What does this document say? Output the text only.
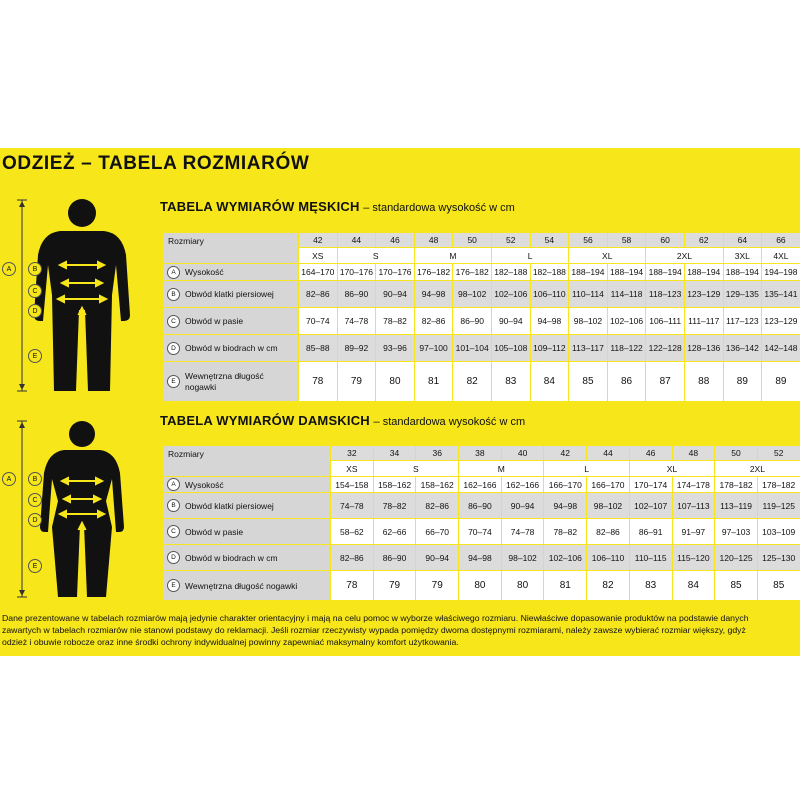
ODZIEŻ – TABELA ROZMIARÓW
A	B
C
D
E
A	B
C
D
E
TABELA WYMIARÓW MĘSKICH – standardowa wysokość w cm
Rozmiary	42	44	46	48	50	52	54	56	58	60	62	64	66
	XS	S		M		L		XL		2XL		3XL	4XL

A Wysokość	164–170	170–176	170–176	176–182	176–182	182–188	182–188	188–194	188–194	188–194	188–194	188–194	194–198

B Obwód klatki piersiowej	82–86	86–90	90–94	94–98	98–102	102–106	106–110	110–114	114–118	118–123	123–129	129–135	135–141

C Obwód w pasie	70–74	74–78	78–82	82–86	86–90	90–94	94–98	98–102	102–106	106–111	111–117	117–123	123–129

D Obwód w biodrach w cm	85–88	89–92	93–96	97–100	101–104	105–108	109–112	113–117	118–122	122–128	128–136	136–142	142–148

E
Wewnętrzna długość
nogawki	78	79	80	81	82	83	84	85	86	87	88	89	89
TABELA WYMIARÓW DAMSKICH – standardowa wysokość w cm
Rozmiary	32	34	36	38	40	42	44	46	48	50	52
	XS	S		M		L		XL		2XL	

A Wysokość	154–158	158–162	158–162	162–166	162–166	166–170	166–170	170–174	174–178	178–182	178–182

B Obwód klatki piersiowej	74–78	78–82	82–86	86–90	90–94	94–98	98–102	102–107	107–113	113–119	119–125

C Obwód w pasie	58–62	62–66	66–70	70–74	74–78	78–82	82–86	86–91	91–97	97–103	103–109

D Obwód w biodrach w cm	82–86	86–90	90–94	94–98	98–102	102–106	106–110	110–115	115–120	120–125	125–130

E Wewnętrzna długość nogawki	78	79	79	80	80	81	82	83	84	85	85
Dane prezentowane w tabelach rozmiarów mają jedynie charakter orientacyjny i mają na celu pomoc w wyborze właściwego rozmiaru. Niewłaściwe dopasowanie produktów na podstawie danych
zawartych w tabelach rozmiarów nie stanowi podstawy do reklamacji. Jeśli rozmiar rzeczywisty wypada pomiędzy dwoma dostępnymi rozmiarami, należy zawsze wybierać rozmiar większy, gdyż
odzież i obuwie robocze oraz inne środki ochrony indywidualnej powinny zapewniać maksymalny komfort użytkowania.
